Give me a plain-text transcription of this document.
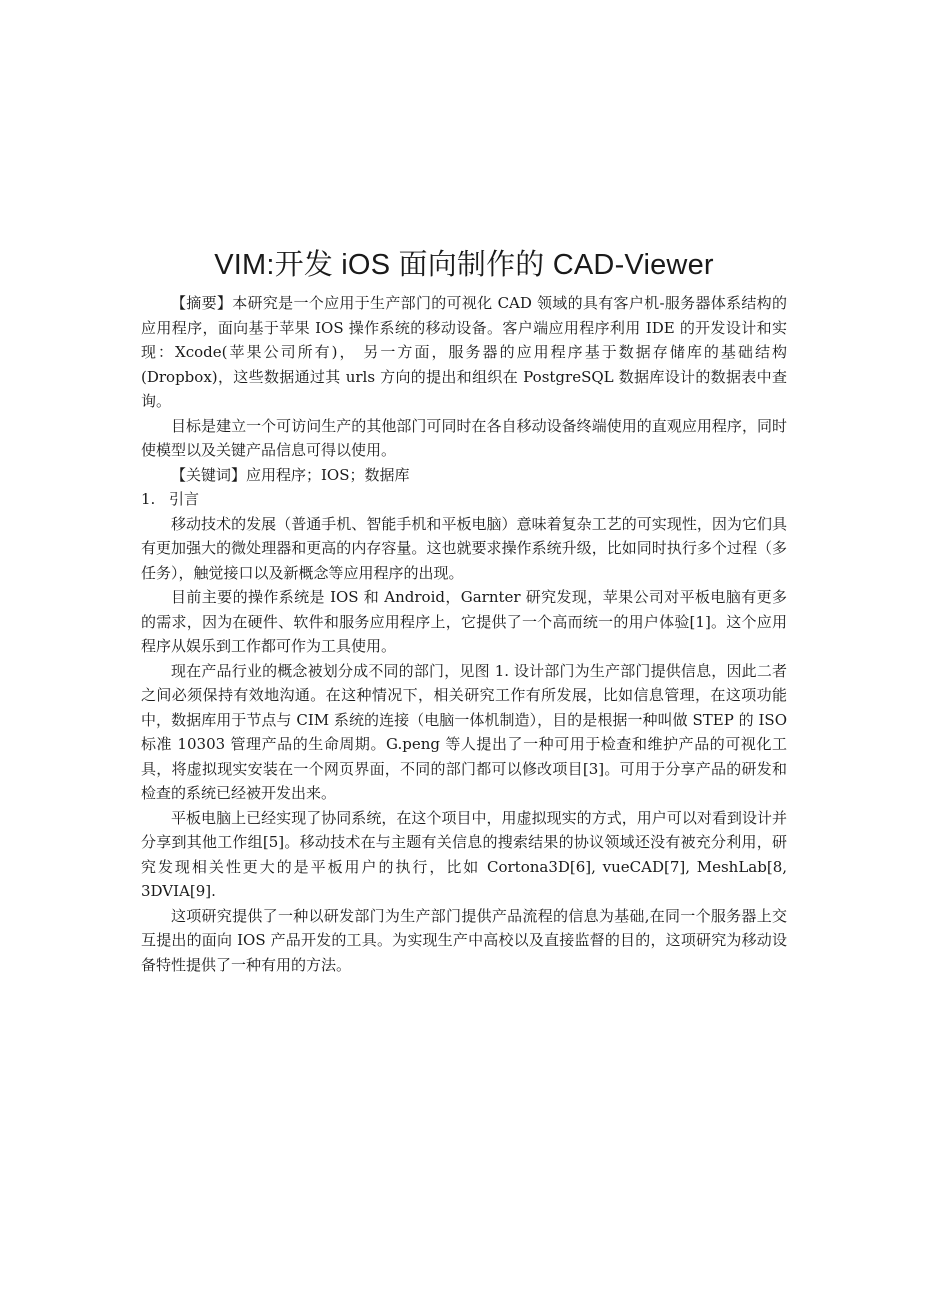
VIM:开发 iOS 面向制作的 CAD-Viewer

【摘要】本研究是一个应用于生产部门的可视化 CAD 领域的具有客户机-服务器体系结构的应用程序，面向基于苹果 IOS 操作系统的移动设备。客户端应用程序利用 IDE 的开发设计和实现：Xcode(苹果公司所有)， 另一方面，服务器的应用程序基于数据存储库的基础结构(Dropbox)，这些数据通过其 urls 方向的提出和组织在 PostgreSQL 数据库设计的数据表中查询。

目标是建立一个可访问生产的其他部门可同时在各自移动设备终端使用的直观应用程序，同时使模型以及关键产品信息可得以使用。

【关键词】应用程序；IOS；数据库

1. 引言

移动技术的发展（普通手机、智能手机和平板电脑）意味着复杂工艺的可实现性，因为它们具有更加强大的微处理器和更高的内存容量。这也就要求操作系统升级，比如同时执行多个过程（多任务），触觉接口以及新概念等应用程序的出现。

目前主要的操作系统是 IOS 和 Android，Garnter 研究发现，苹果公司对平板电脑有更多的需求，因为在硬件、软件和服务应用程序上，它提供了一个高而统一的用户体验[1]。这个应用程序从娱乐到工作都可作为工具使用。

现在产品行业的概念被划分成不同的部门，见图 1. 设计部门为生产部门提供信息，因此二者之间必须保持有效地沟通。在这种情况下，相关研究工作有所发展，比如信息管理，在这项功能中，数据库用于节点与 CIM 系统的连接（电脑一体机制造），目的是根据一种叫做 STEP 的 ISO 标准 10303 管理产品的生命周期。G.peng 等人提出了一种可用于检查和维护产品的可视化工具，将虚拟现实安装在一个网页界面，不同的部门都可以修改项目[3]。可用于分享产品的研发和检查的系统已经被开发出来。

平板电脑上已经实现了协同系统，在这个项目中，用虚拟现实的方式，用户可以对看到设计并分享到其他工作组[5]。移动技术在与主题有关信息的搜索结果的协议领域还没有被充分利用，研究发现相关性更大的是平板用户的执行，比如 Cortona3D[6], vueCAD[7], MeshLab[8, 3DVIA[9].

这项研究提供了一种以研发部门为生产部门提供产品流程的信息为基础,在同一个服务器上交互提出的面向 IOS 产品开发的工具。为实现生产中高校以及直接监督的目的，这项研究为移动设备特性提供了一种有用的方法。
